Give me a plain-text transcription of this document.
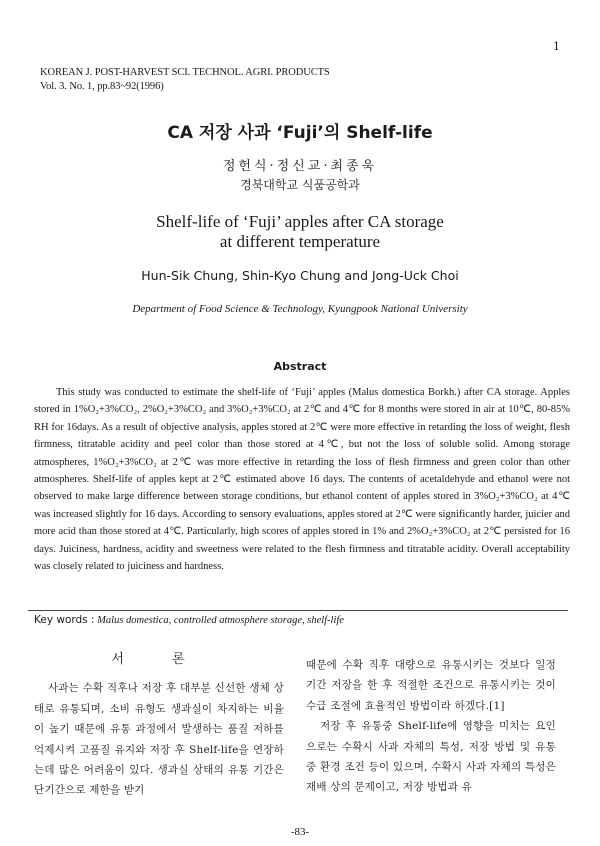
1
KOREAN J. POST-HARVEST SCI. TECHNOL. AGRI. PRODUCTS
Vol. 3. No. 1, pp.83~92(1996)
CA 저장 사과 ‘Fuji’의 Shelf-life
정헌식·정신교·최종욱
경북대학교 식품공학과
Shelf-life of ‘Fuji’ apples after CA storage
at different temperature
Hun-Sik Chung, Shin-Kyo Chung and Jong-Uck Choi
Department of Food Science & Technology, Kyungpook National University
Abstract
This study was conducted to estimate the shelf-life of ‘Fuji’ apples (Malus domestica Borkh.) after CA storage. Apples stored in 1%O₂+3%CO₂, 2%O₂+3%CO₂ and 3%O₂+3%CO₂ at 2℃ and 4℃ for 8 months were stored in air at 10℃, 80-85% RH for 16days. As a result of objective analysis, apples stored at 2℃ were more effective in retarding the loss of weight, flesh firmness, titratable acidity and peel color than those stored at 4℃, but not the loss of soluble solid. Among storage atmospheres, 1%O₂+3%CO₂ at 2℃ was more effective in retarding the loss of flesh firmness and green color than other atmospheres. Shelf-life of apples kept at 2℃ estimated above 16 days. The contents of acetaldehyde and ethanol were not observed to make large difference between storage conditions, but ethanol content of apples stored in 3%O₂+3%CO₂ at 4℃ was increased slightly for 16 days. According to sensory evaluations, apples stored at 2℃ were significantly harder, juicier and more acid than those stored at 4℃. Particularly, high scores of apples stored in 1% and 2%O₂+3%CO₂ at 2℃ persisted for 16 days. Juiciness, hardness, acidity and sweetness were related to the flesh firmness and titratable acidity. Overall acceptability was closely related to juiciness and hardness.
Key words : Malus domestica, controlled atmosphere storage, shelf-life
서 론

사과는 수확 직후나 저장 후 대부분 신선한 생체 상태로 유통되며, 소비 유형도 생과실이 차지하는 비율이 높기 때문에 유통 과정에서 발생하는 품질 저하를 억제시켜 고품질 유지와 저장 후 Shelf-life을 연장하는데 많은 어려움이 있다. 생과실 상태의 유통 기간은 단기간으로 제한을 받기

때문에 수확 직후 대량으로 유통시키는 것보다 일정 기간 저장을 한 후 적절한 조건으로 유통시키는 것이 수급 조절에 효율적인 방법이라 하겠다.[1]

저장 후 유통중 Shelf-life에 영향을 미치는 요인으로는 수확시 사과 자체의 특성, 저장 방법 및 유통 중 환경 조건 등이 있으며, 수확시 사과 자체의 특성은 재배 상의 문제이고, 저장 방법과 유

-83-
